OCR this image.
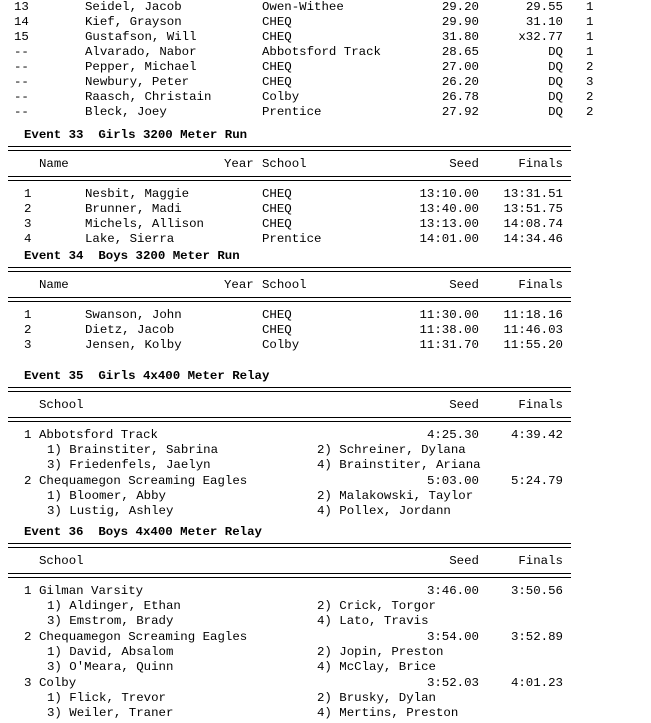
13	Seidel, Jacob	Owen-Withee	29.20	29.55 1
14	Kief, Grayson	CHEQ	29.90	31.10 1
15	Gustafson, Will	CHEQ	31.80	x32.77 1
--	Alvarado, Nabor	Abbotsford Track	28.65	DQ 1
--	Pepper, Michael	CHEQ	27.00	DQ 2
--	Newbury, Peter	CHEQ	26.20	DQ 3
--	Raasch, Christain	Colby	26.78	DQ 2
--	Bleck, Joey	Prentice	27.92	DQ 2
Event 33  Girls 3200 Meter Run
Name	Year School	Seed	Finals
1	Nesbit, Maggie	CHEQ	13:10.00 13:31.51
2	Brunner, Madi	CHEQ	13:40.00 13:51.75
3	Michels, Allison	CHEQ	13:13.00 14:08.74
4	Lake, Sierra	Prentice	14:01.00 14:34.46
Event 34  Boys 3200 Meter Run
Name	Year School	Seed	Finals
1	Swanson, John	CHEQ	11:30.00 11:18.16
2	Dietz, Jacob	CHEQ	11:38.00 11:46.03
3	Jensen, Kolby	Colby	11:31.70 11:55.20
Event 35  Girls 4x400 Meter Relay
School	Seed	Finals
1 Abbotsford Track	4:25.30	4:39.42
1) Brainstiter, Sabrina	2) Schreiner, Dylana
3) Friedenfels, Jaelyn	4) Brainstiter, Ariana
2 Chequamegon Screaming Eagles	5:03.00	5:24.79
1) Bloomer, Abby	2) Malakowski, Taylor
3) Lustig, Ashley	4) Pollex, Jordann
Event 36  Boys 4x400 Meter Relay
School	Seed	Finals
1 Gilman Varsity	3:46.00	3:50.56
1) Aldinger, Ethan	2) Crick, Torgor
3) Emstrom, Brady	4) Lato, Travis
2 Chequamegon Screaming Eagles	3:54.00	3:52.89
1) David, Absalom	2) Jopin, Preston
3) O'Meara, Quinn	4) McClay, Brice
3 Colby	3:52.03	4:01.23
1) Flick, Trevor	2) Brusky, Dylan
3) Weiler, Traner	4) Mertins, Preston
